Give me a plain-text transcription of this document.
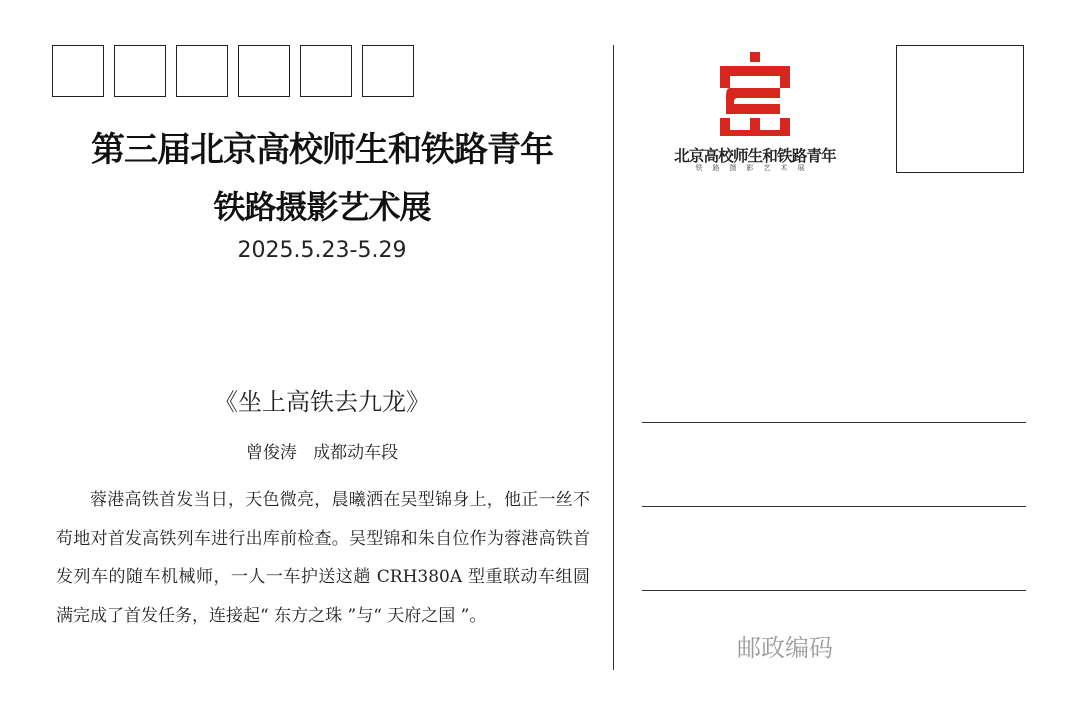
第三届北京高校师生和铁路青年
铁路摄影艺术展
2025.5.23-5.29
《坐上高铁去九龙》
曾俊涛   成都动车段

蓉港高铁首发当日，天色微亮，晨曦洒在吴型锦身上，他正一丝不苟地对首发高铁列车进行出库前检查。吴型锦和朱自位作为蓉港高铁首发列车的随车机械师，一人一车护送这趟 CRH380A 型重联动车组圆满完成了首发任务，连接起“ 东方之珠 ”与“ 天府之国 ”。

北京高校师生和铁路青年
铁路摄影艺术展
邮政编码
